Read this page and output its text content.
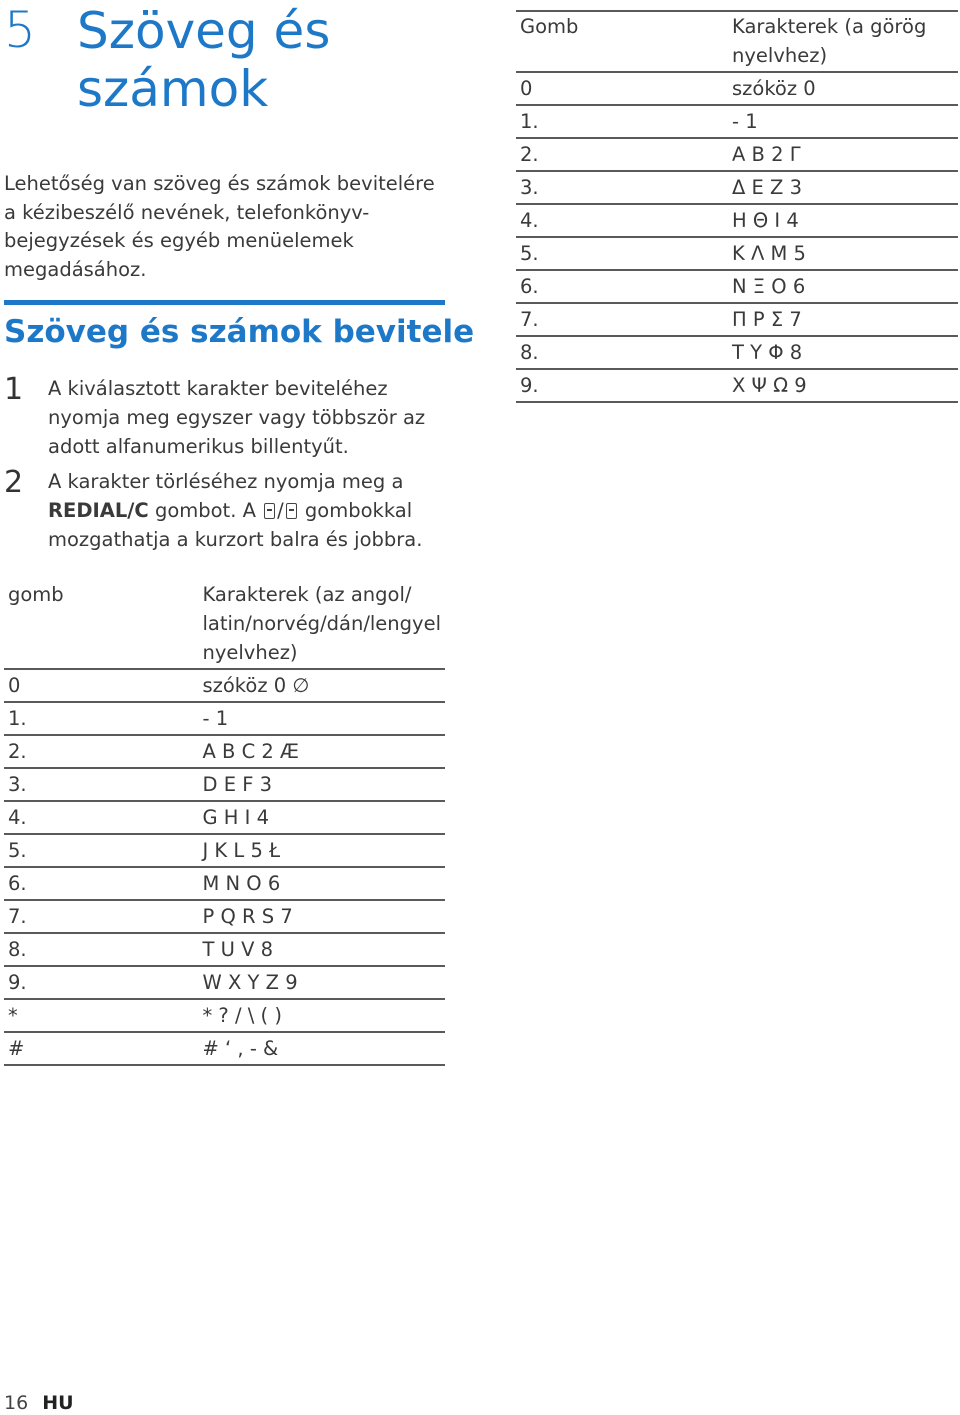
5 Szöveg és számok

Lehetőség van szöveg és számok bevitelére a kézibeszélő nevének, telefonkönyv-bejegyzések és egyéb menüelemek megadásához.

Szöveg és számok bevitele
1	A kiválasztott karakter beviteléhez nyomja meg egyszer vagy többször az adott alfanumerikus billentyűt.
2	A karakter törléséhez nyomja meg a REDIAL/C gombot. A / gombokkal mozgathatja a kurzort balra és jobbra.
Gomb	Karakterek (a görög nyelvhez)
0	szóköz 0
1.	- 1
2.	Α Β 2 Γ
3.	Δ Ε Ζ 3
4.	Η Θ Ι 4
5.	Κ Λ Μ 5
6.	Ν Ξ Ο 6
7.	Π Ρ Σ 7
8.	Τ Υ Φ 8
9.	Χ Ψ Ω 9
gomb	Karakterek (az angol/ latin/norvég/dán/lengyel nyelvhez)
0	szóköz 0 ∅
1.	- 1
2.	A B C 2 Æ
3.	D E F 3
4.	G H I 4
5.	J K L 5 Ł
6.	M N O 6
7.	P Q R S 7
8.	T U V 8
9.	W X Y Z 9
*	* ? / \ ( )
#	# ‘ , - &
16 HU
